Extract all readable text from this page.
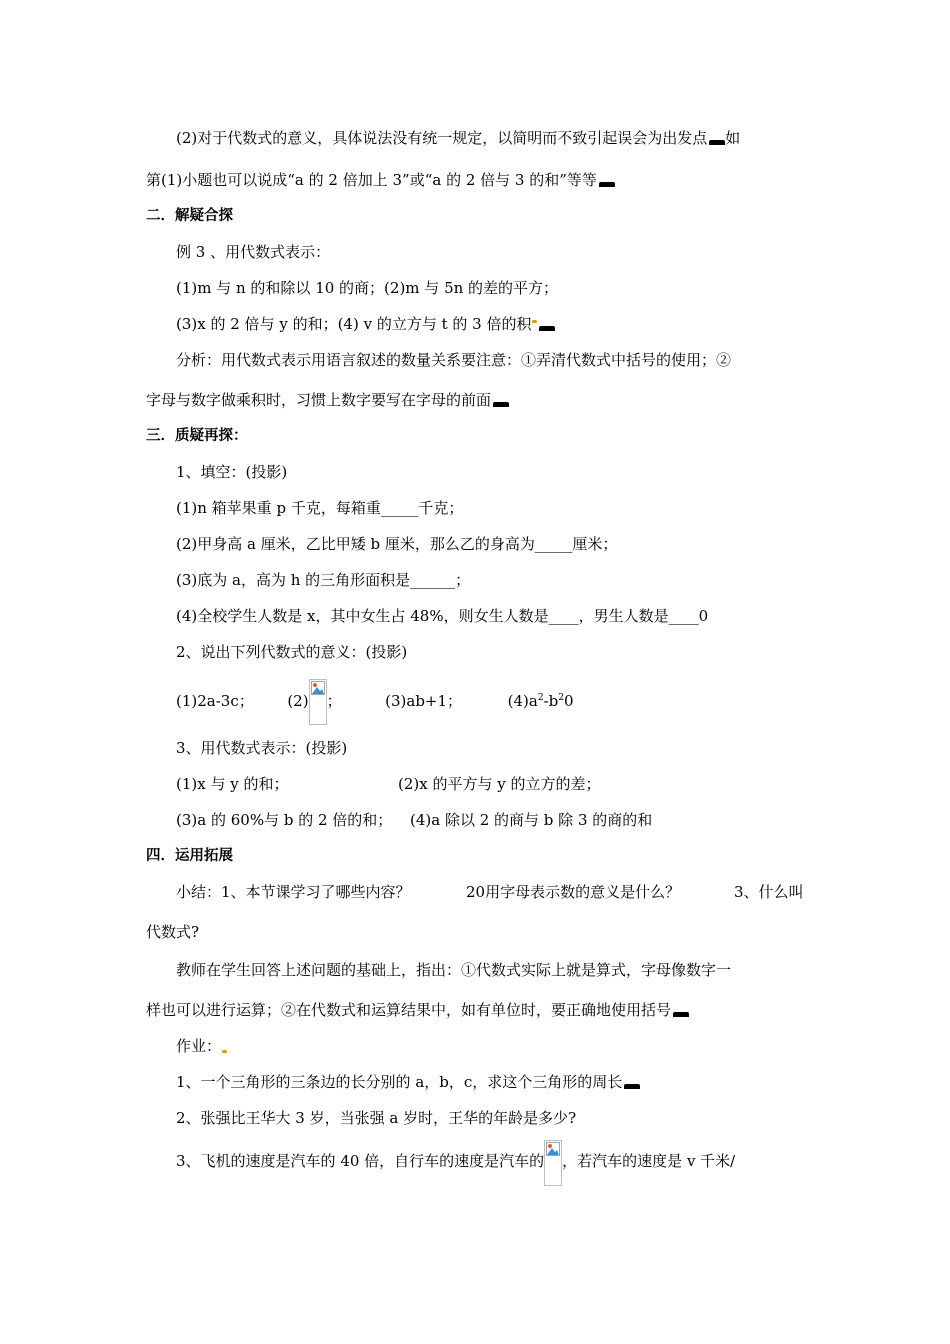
(2)对于代数式的意义，具体说法没有统一规定，以简明而不致引起误会为出发点 如
第(1)小题也可以说成“a 的 2 倍加上 3”或“a 的 2 倍与 3 的和”等等
二．解疑合探
例 3 、用代数式表示：
(1)m 与 n 的和除以 10 的商；(2)m 与 5n 的差的平方；
(3)x 的 2 倍与 y 的和；(4) v 的立方与 t 的 3 倍的积
分析：用代数式表示用语言叙述的数量关系要注意：①弄清代数式中括号的使用；②
字母与数字做乘积时，习惯上数字要写在字母的前面
三．质疑再探：
1、填空：(投影)
(1)n 箱苹果重 p 千克，每箱重_____千克；
(2)甲身高 a 厘米，乙比甲矮 b 厘米，那么乙的身高为_____厘米；
(3)底为 a，高为 h 的三角形面积是______；
(4)全校学生人数是 x，其中女生占 48%，则女生人数是____，男生人数是____0
2、说出下列代数式的意义：(投影)
(1)2a-3c； (2) ；	(3)ab+1；	$(4)a^2-b^20$
3、用代数式表示：(投影)
(1)x 与 y 的和；	(2)x 的平方与 y 的立方的差；
(3)a 的 60%与 b 的 2 倍的和； (4)a 除以 2 的商与 b 除 3 的商的和
四．运用拓展
小结：1、本节课学习了哪些内容？	20用字母表示数的意义是什么？	3、什么叫
代数式?
教师在学生回答上述问题的基础上，指出：①代数式实际上就是算式，字母像数字一
样也可以进行运算；②在代数式和运算结果中，如有单位时，要正确地使用括号
作业：
1、一个三角形的三条边的长分别的 a，b，c，求这个三角形的周长
2、张强比王华大 3 岁，当张强 a 岁时，王华的年龄是多少?
3、飞机的速度是汽车的 40 倍，自行车的速度是汽车的 ，若汽车的速度是 v 千米/
